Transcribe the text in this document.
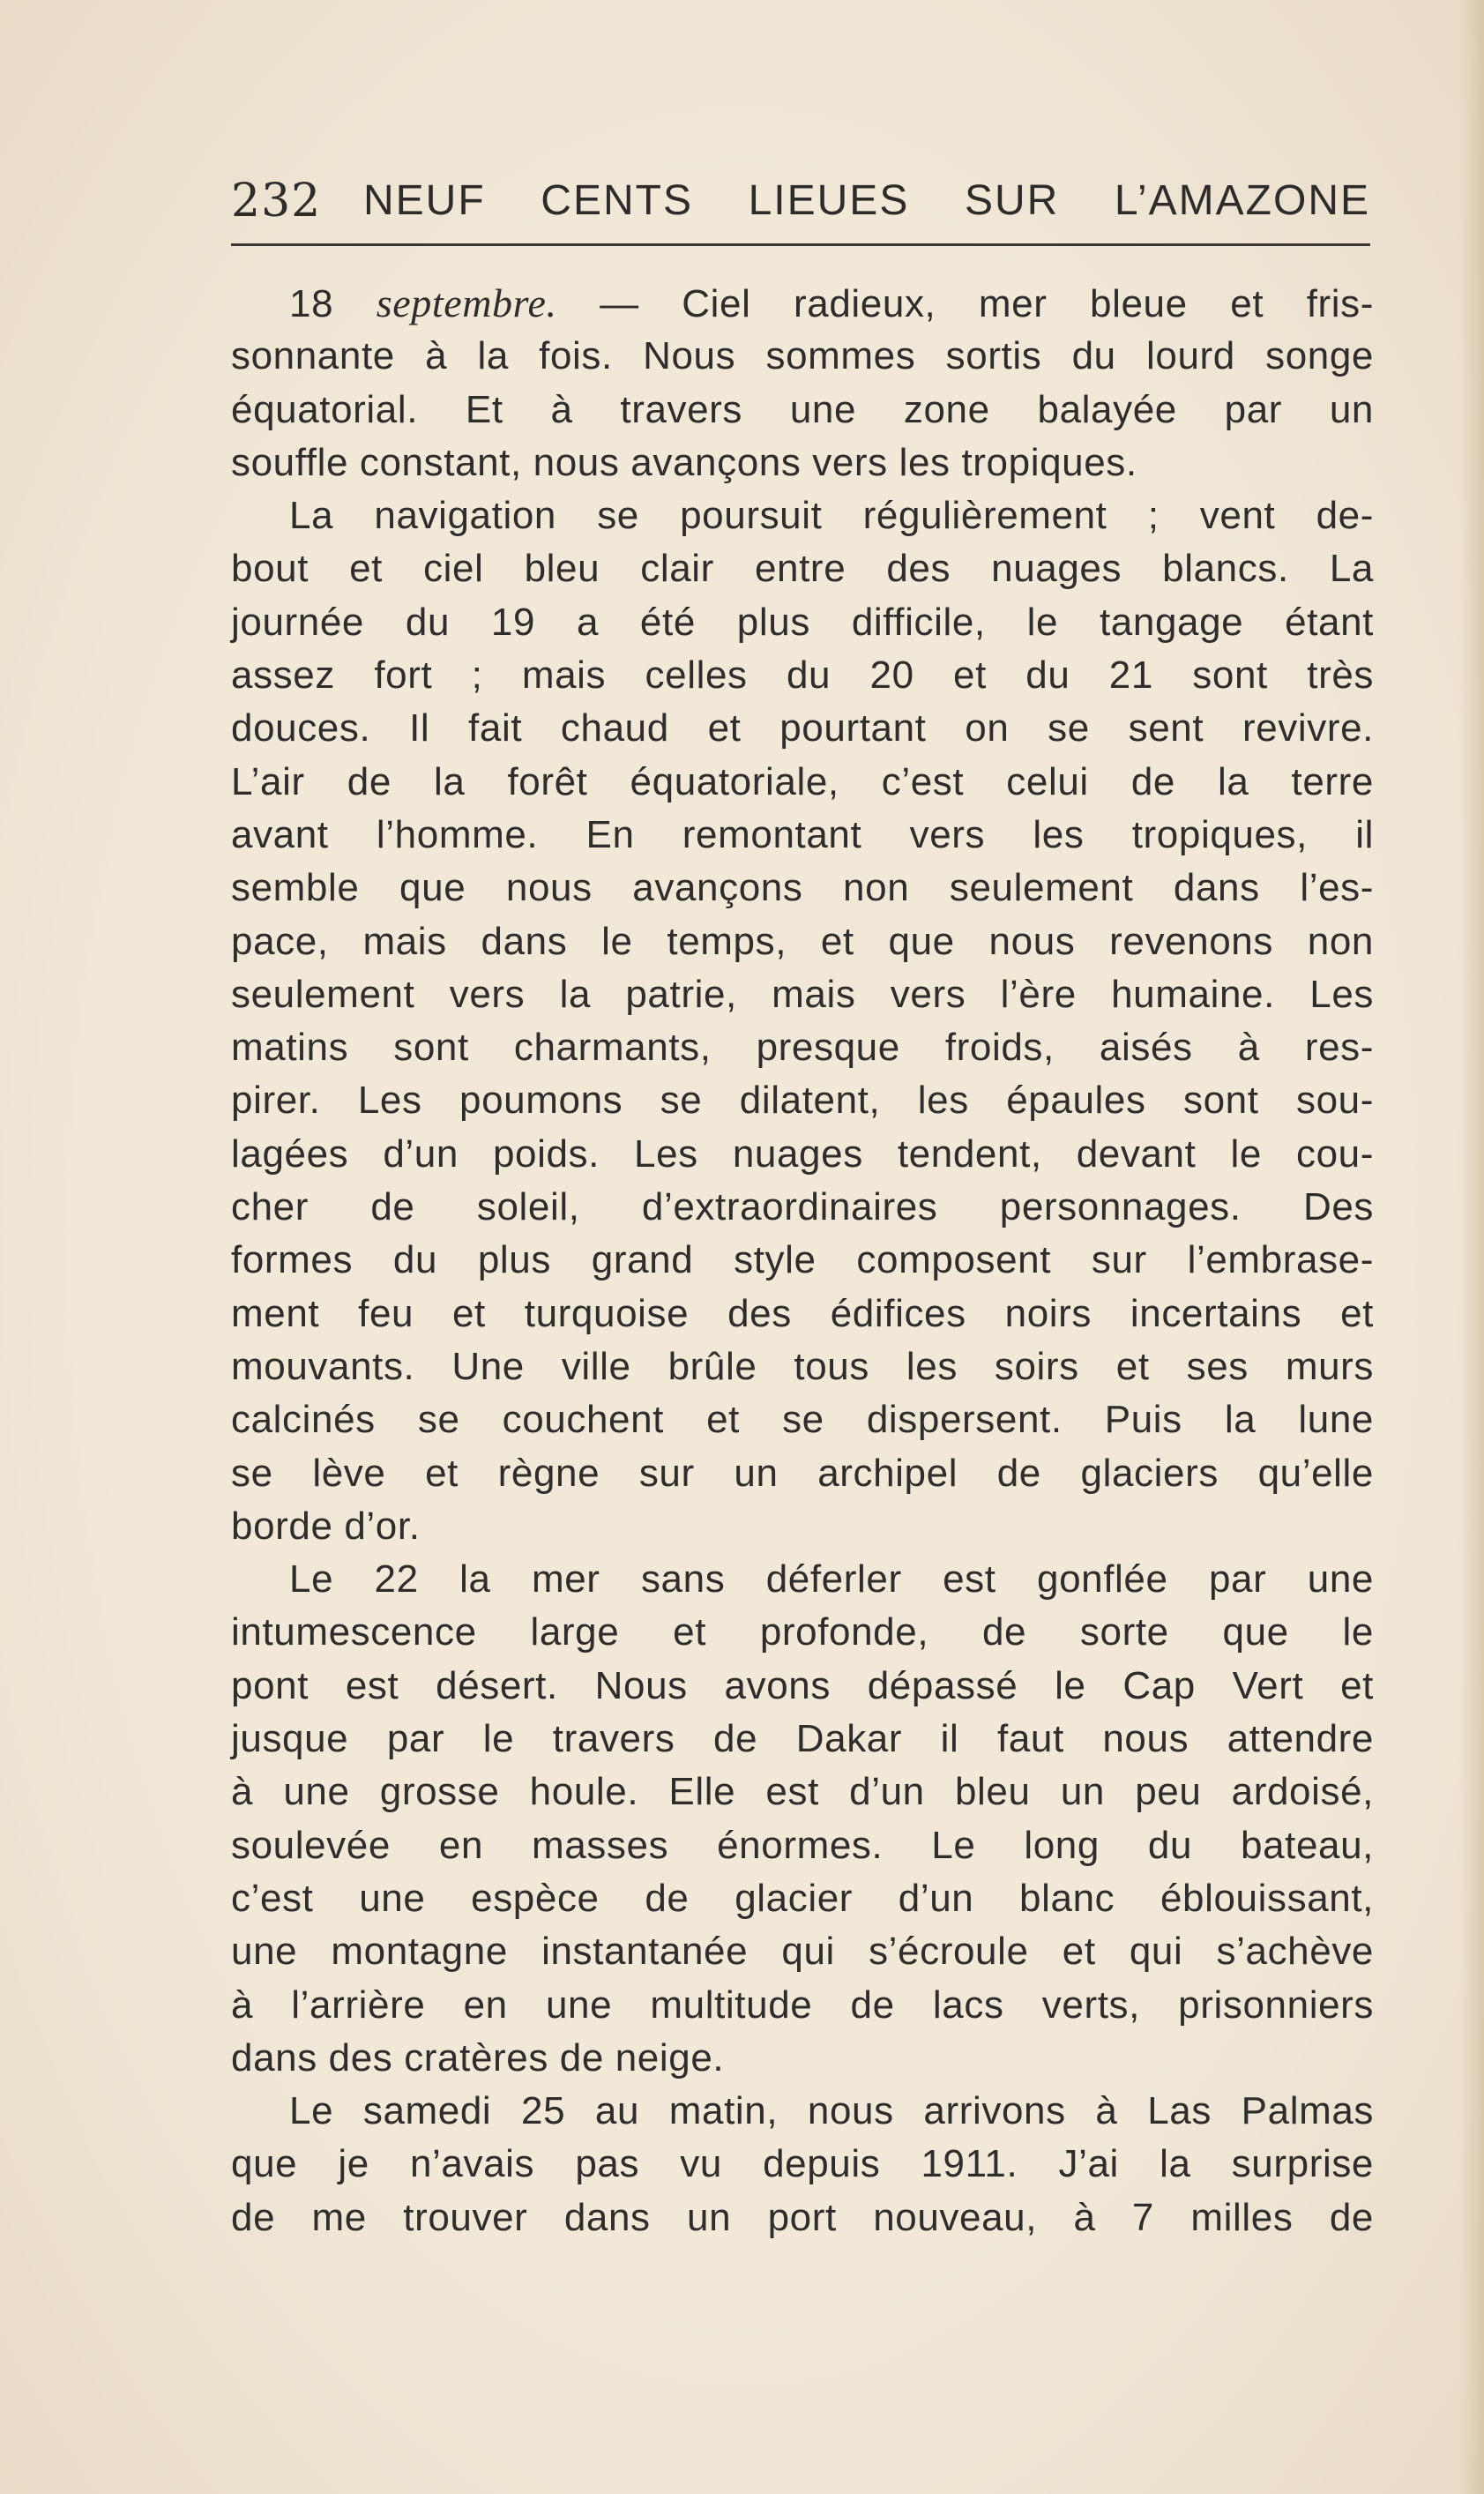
232 NEUF CENTS LIEUES SUR L’AMAZONE
18 septembre. — Ciel radieux, mer bleue et fris-
sonnante à la fois. Nous sommes sortis du lourd songe
équatorial. Et à travers une zone balayée par un
souffle constant, nous avançons vers les tropiques.
La navigation se poursuit régulièrement ; vent de-
bout et ciel bleu clair entre des nuages blancs. La
journée du 19 a été plus difficile, le tangage étant
assez fort ; mais celles du 20 et du 21 sont très
douces. Il fait chaud et pourtant on se sent revivre.
L’air de la forêt équatoriale, c’est celui de la terre
avant l’homme. En remontant vers les tropiques, il
semble que nous avançons non seulement dans l’es-
pace, mais dans le temps, et que nous revenons non
seulement vers la patrie, mais vers l’ère humaine. Les
matins sont charmants, presque froids, aisés à res-
pirer. Les poumons se dilatent, les épaules sont sou-
lagées d’un poids. Les nuages tendent, devant le cou-
cher de soleil, d’extraordinaires personnages. Des
formes du plus grand style composent sur l’embrase-
ment feu et turquoise des édifices noirs incertains et
mouvants. Une ville brûle tous les soirs et ses murs
calcinés se couchent et se dispersent. Puis la lune
se lève et règne sur un archipel de glaciers qu’elle
borde d’or.
Le 22 la mer sans déferler est gonflée par une
intumescence large et profonde, de sorte que le
pont est désert. Nous avons dépassé le Cap Vert et
jusque par le travers de Dakar il faut nous attendre
à une grosse houle. Elle est d’un bleu un peu ardoisé,
soulevée en masses énormes. Le long du bateau,
c’est une espèce de glacier d’un blanc éblouissant,
une montagne instantanée qui s’écroule et qui s’achève
à l’arrière en une multitude de lacs verts, prisonniers
dans des cratères de neige.
Le samedi 25 au matin, nous arrivons à Las Palmas
que je n’avais pas vu depuis 1911. J’ai la surprise
de me trouver dans un port nouveau, à 7 milles de
